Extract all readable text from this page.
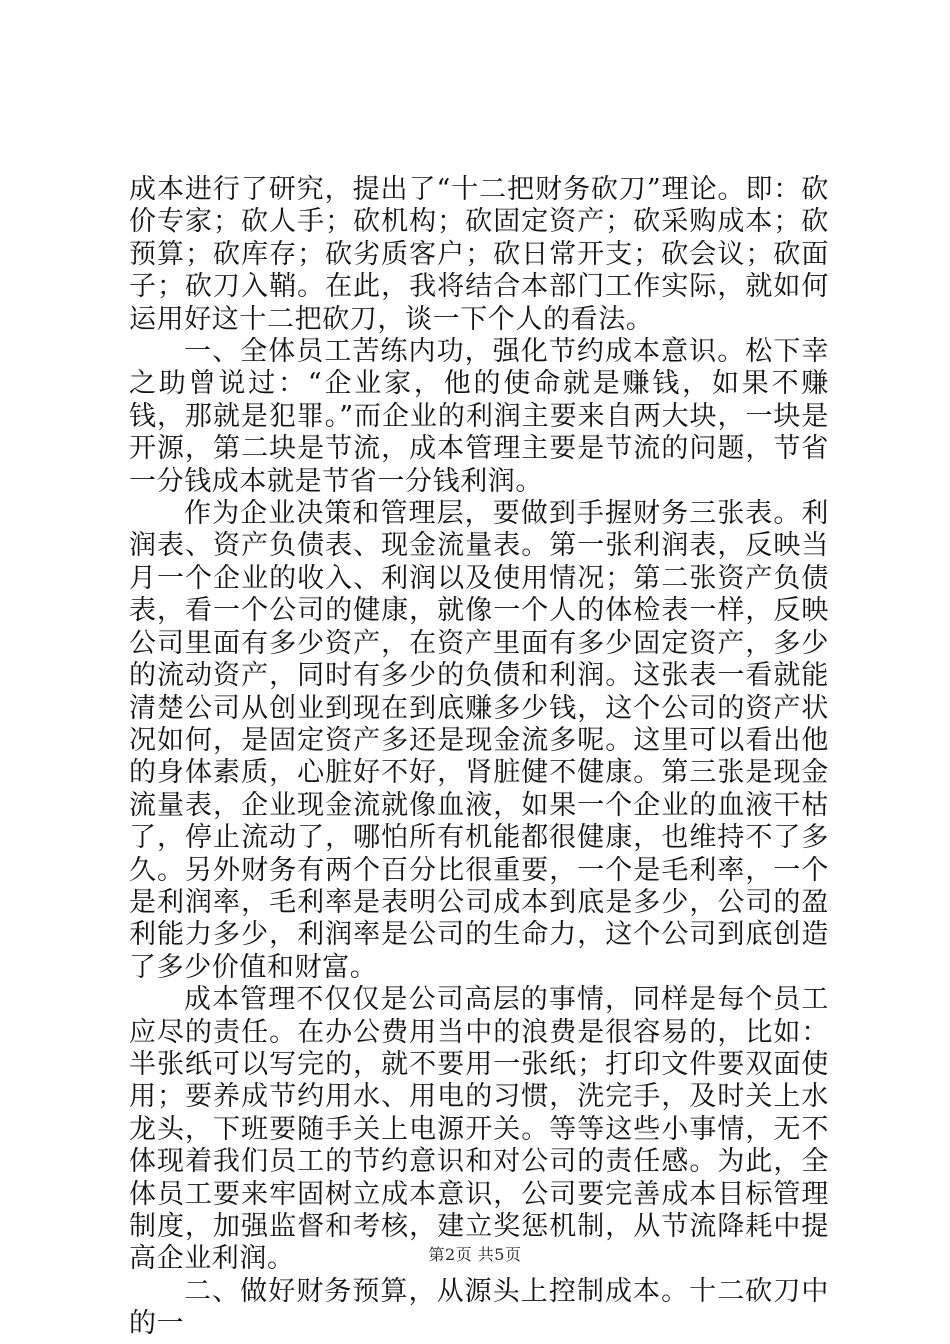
成本进行了研究，提出了“十二把财务砍刀”理论。即：砍价专家；砍人手；砍机构；砍固定资产；砍采购成本；砍预算；砍库存；砍劣质客户；砍日常开支；砍会议；砍面子；砍刀入鞘。在此，我将结合本部门工作实际，就如何运用好这十二把砍刀，谈一下个人的看法。

一、全体员工苦练内功，强化节约成本意识。松下幸之助曾说过：“企业家，他的使命就是赚钱，如果不赚钱，那就是犯罪。”而企业的利润主要来自两大块，一块是开源，第二块是节流，成本管理主要是节流的问题，节省一分钱成本就是节省一分钱利润。

作为企业决策和管理层，要做到手握财务三张表。利润表、资产负债表、现金流量表。第一张利润表，反映当月一个企业的收入、利润以及使用情况；第二张资产负债表，看一个公司的健康，就像一个人的体检表一样，反映公司里面有多少资产，在资产里面有多少固定资产，多少的流动资产，同时有多少的负债和利润。这张表一看就能清楚公司从创业到现在到底赚多少钱，这个公司的资产状况如何，是固定资产多还是现金流多呢。这里可以看出他的身体素质，心脏好不好，肾脏健不健康。第三张是现金流量表，企业现金流就像血液，如果一个企业的血液干枯了，停止流动了，哪怕所有机能都很健康，也维持不了多久。另外财务有两个百分比很重要，一个是毛利率，一个是利润率，毛利率是表明公司成本到底是多少，公司的盈利能力多少，利润率是公司的生命力，这个公司到底创造了多少价值和财富。

成本管理不仅仅是公司高层的事情，同样是每个员工应尽的责任。在办公费用当中的浪费是很容易的，比如：半张纸可以写完的，就不要用一张纸；打印文件要双面使用；要养成节约用水、用电的习惯，洗完手，及时关上水龙头，下班要随手关上电源开关。等等这些小事情，无不体现着我们员工的节约意识和对公司的责任感。为此，全体员工要来牢固树立成本意识，公司要完善成本目标管理制度，加强监督和考核，建立奖惩机制，从节流降耗中提高企业利润。

二、做好财务预算，从源头上控制成本。十二砍刀中的一

第2页 共5页
